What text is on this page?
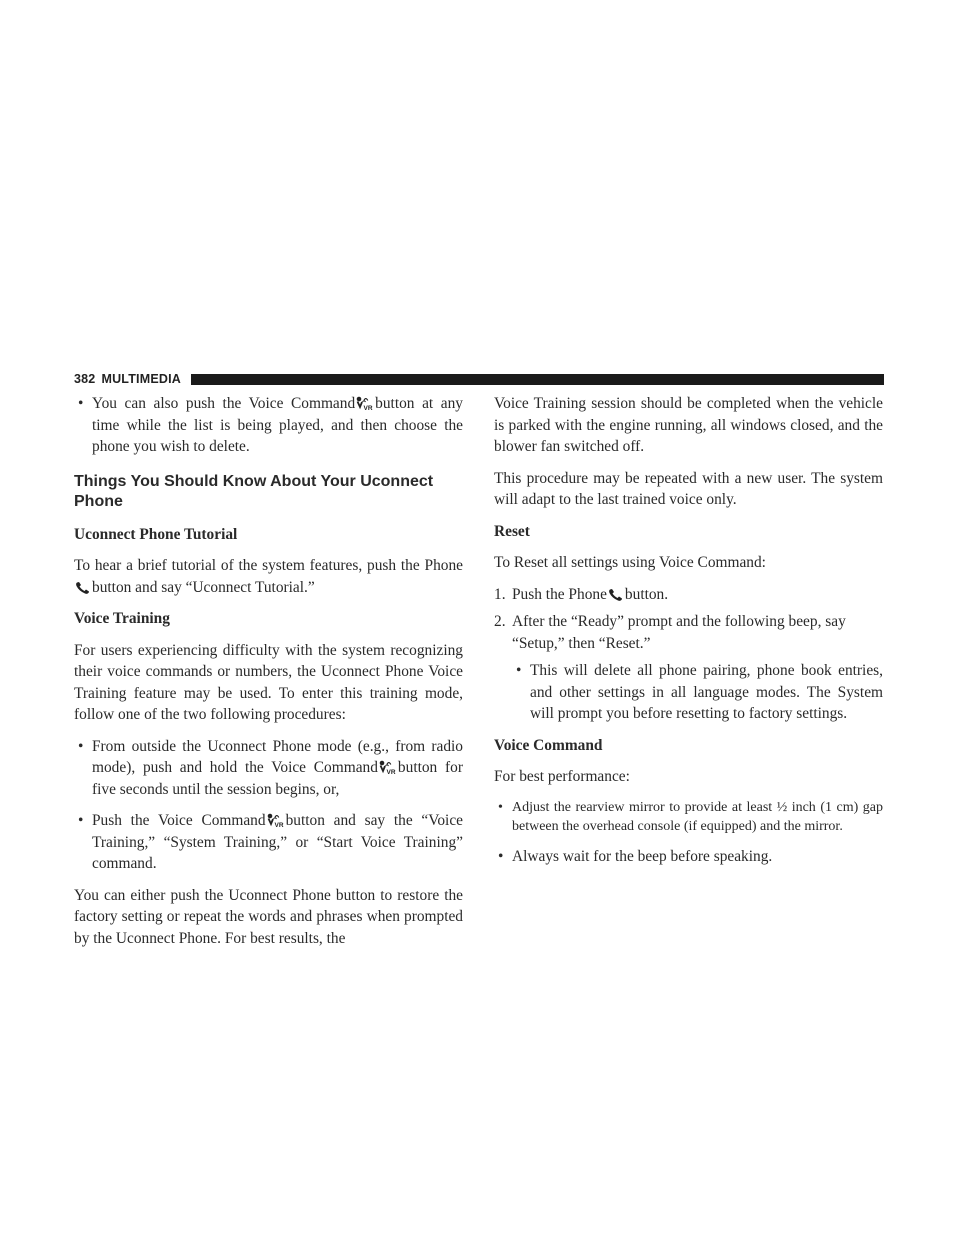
382 MULTIMEDIA
• You can also push the Voice Command VR button at any time while the list is being played, and then choose the phone you wish to delete.
Things You Should Know About Your Uconnect Phone
Uconnect Phone Tutorial

To hear a brief tutorial of the system features, push the Phonebutton and say “Uconnect Tutorial.”

Voice Training

For users experiencing difficulty with the system recognizing their voice commands or numbers, the Uconnect Phone Voice Training feature may be used. To enter this training mode, follow one of the two following procedures:

• From outside the Uconnect Phone mode (e.g., from radio mode), push and hold the Voice Command VR button for five seconds until the session begins, or,
• Push the Voice Command VR button and say the “Voice Training,” “System Training,” or “Start Voice Training” command.

You can either push the Uconnect Phone button to restore the factory setting or repeat the words and phrases when prompted by the Uconnect Phone. For best results, the

Voice Training session should be completed when the vehicle is parked with the engine running, all windows closed, and the blower fan switched off.

This procedure may be repeated with a new user. The system will adapt to the last trained voice only.

Reset

To Reset all settings using Voice Command:

1. Push the Phone button.
2. After the “Ready” prompt and the following beep, say “Setup,” then “Reset.”
• This will delete all phone pairing, phone book entries, and other settings in all language modes. The System will prompt you before resetting to factory settings.
Voice Command

For best performance:

• Adjust the rearview mirror to provide at least ½ inch (1 cm) gap between the overhead console (if equipped) and the mirror.
• Always wait for the beep before speaking.
